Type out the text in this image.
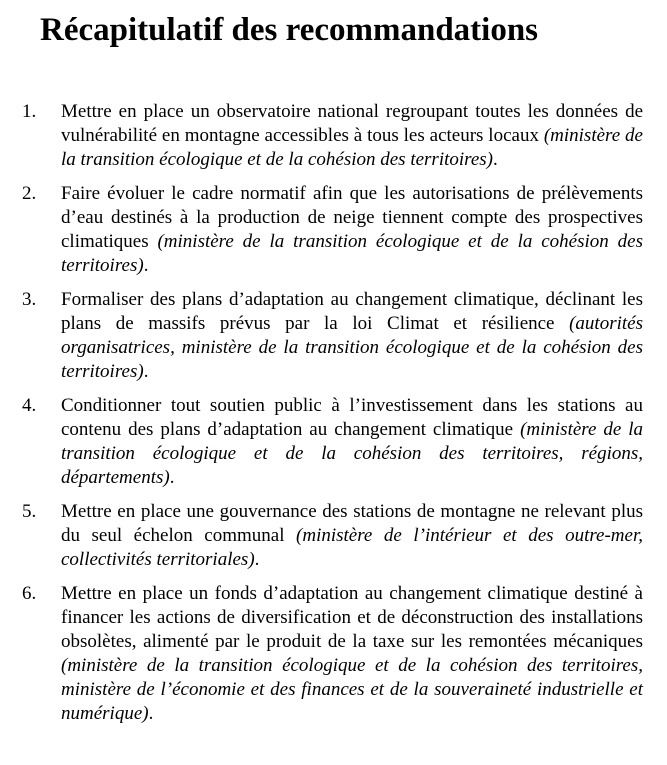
Récapitulatif des recommandations
1. Mettre en place un observatoire national regroupant toutes les données de vulnérabilité en montagne accessibles à tous les acteurs locaux (ministère de la transition écologique et de la cohésion des territoires).
2. Faire évoluer le cadre normatif afin que les autorisations de prélèvements d’eau destinés à la production de neige tiennent compte des prospectives climatiques (ministère de la transition écologique et de la cohésion des territoires).
3. Formaliser des plans d’adaptation au changement climatique, déclinant les plans de massifs prévus par la loi Climat et résilience (autorités organisatrices, ministère de la transition écologique et de la cohésion des territoires).
4. Conditionner tout soutien public à l’investissement dans les stations au contenu des plans d’adaptation au changement climatique (ministère de la transition écologique et de la cohésion des territoires, régions, départements).
5. Mettre en place une gouvernance des stations de montagne ne relevant plus du seul échelon communal (ministère de l’intérieur et des outre-mer, collectivités territoriales).
6. Mettre en place un fonds d’adaptation au changement climatique destiné à financer les actions de diversification et de déconstruction des installations obsolètes, alimenté par le produit de la taxe sur les remontées mécaniques (ministère de la transition écologique et de la cohésion des territoires, ministère de l’économie et des finances et de la souveraineté industrielle et numérique).
